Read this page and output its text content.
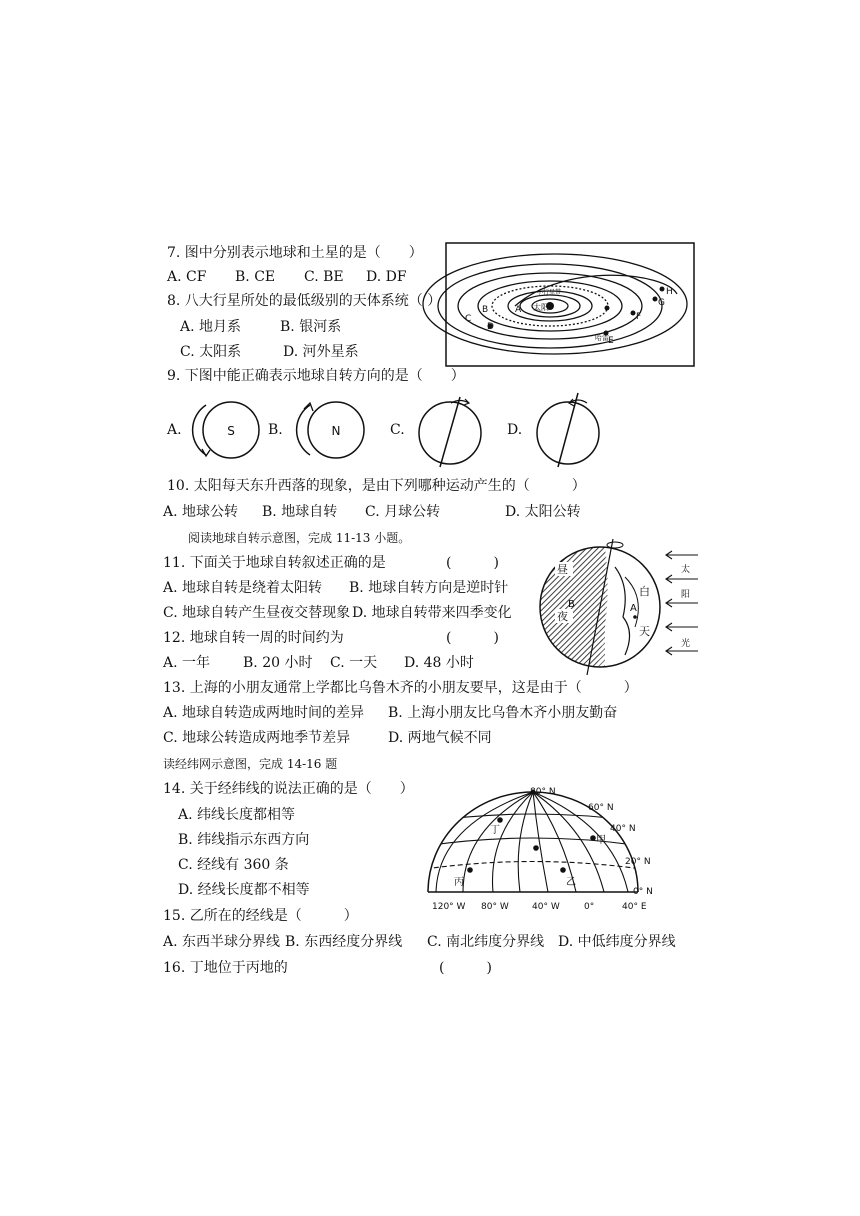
7. 图中分别表示地球和土星的是（　　）
A. CF B. CE C. BE D. DF
8. 八大行星所处的最低级别的天体系统（ ）
A. 地月系	B. 银河系
C. 太阳系	D. 河外星系
太阳
小行星带
哈雷
A
B
C
D
E
F
G
H
9. 下图中能正确表示地球自转方向的是（　　）
A.	B.	C.	D.
S	N
10. 太阳每天东升西落的现象，是由下列哪种运动产生的（　　　）
A. 地球公转 B. 地球自转 C. 月球公转	D. 太阳公转
阅读地球自转示意图，完成 11-13 小题。
11. 下面关于地球自转叙述正确的是	(　　　)
A. 地球自转是绕着太阳转 B. 地球自转方向是逆时针
C. 地球自转产生昼夜交替现象 D. 地球自转带来四季变化
12. 地球自转一周的时间约为	(　　　)
A. 一年 B. 20 小时 C. 一天 D. 48 小时
昼
夜
B	A
白
天
太
阳
光
13. 上海的小朋友通常上学都比乌鲁木齐的小朋友要早，这是由于（　　　）
A. 地球自转造成两地时间的差异 B. 上海小朋友比乌鲁木齐小朋友勤奋
C. 地球公转造成两地季节差异	D. 两地气候不同
读经纬网示意图，完成 14-16 题
14. 关于经纬线的说法正确的是（　　）
A. 纬线长度都相等
B. 纬线指示东西方向
C. 经线有 360 条
D. 经线长度都不相等
丁
甲
丙	乙
80° N
60° N
40° N
20° N
0° N
120° W 80° W	40° W	0°	40° E
15. 乙所在的经线是（　　　）
A. 东西半球分界线 B. 东西经度分界线 C. 南北纬度分界线 D. 中低纬度分界线
16. 丁地位于丙地的	(　　　)
